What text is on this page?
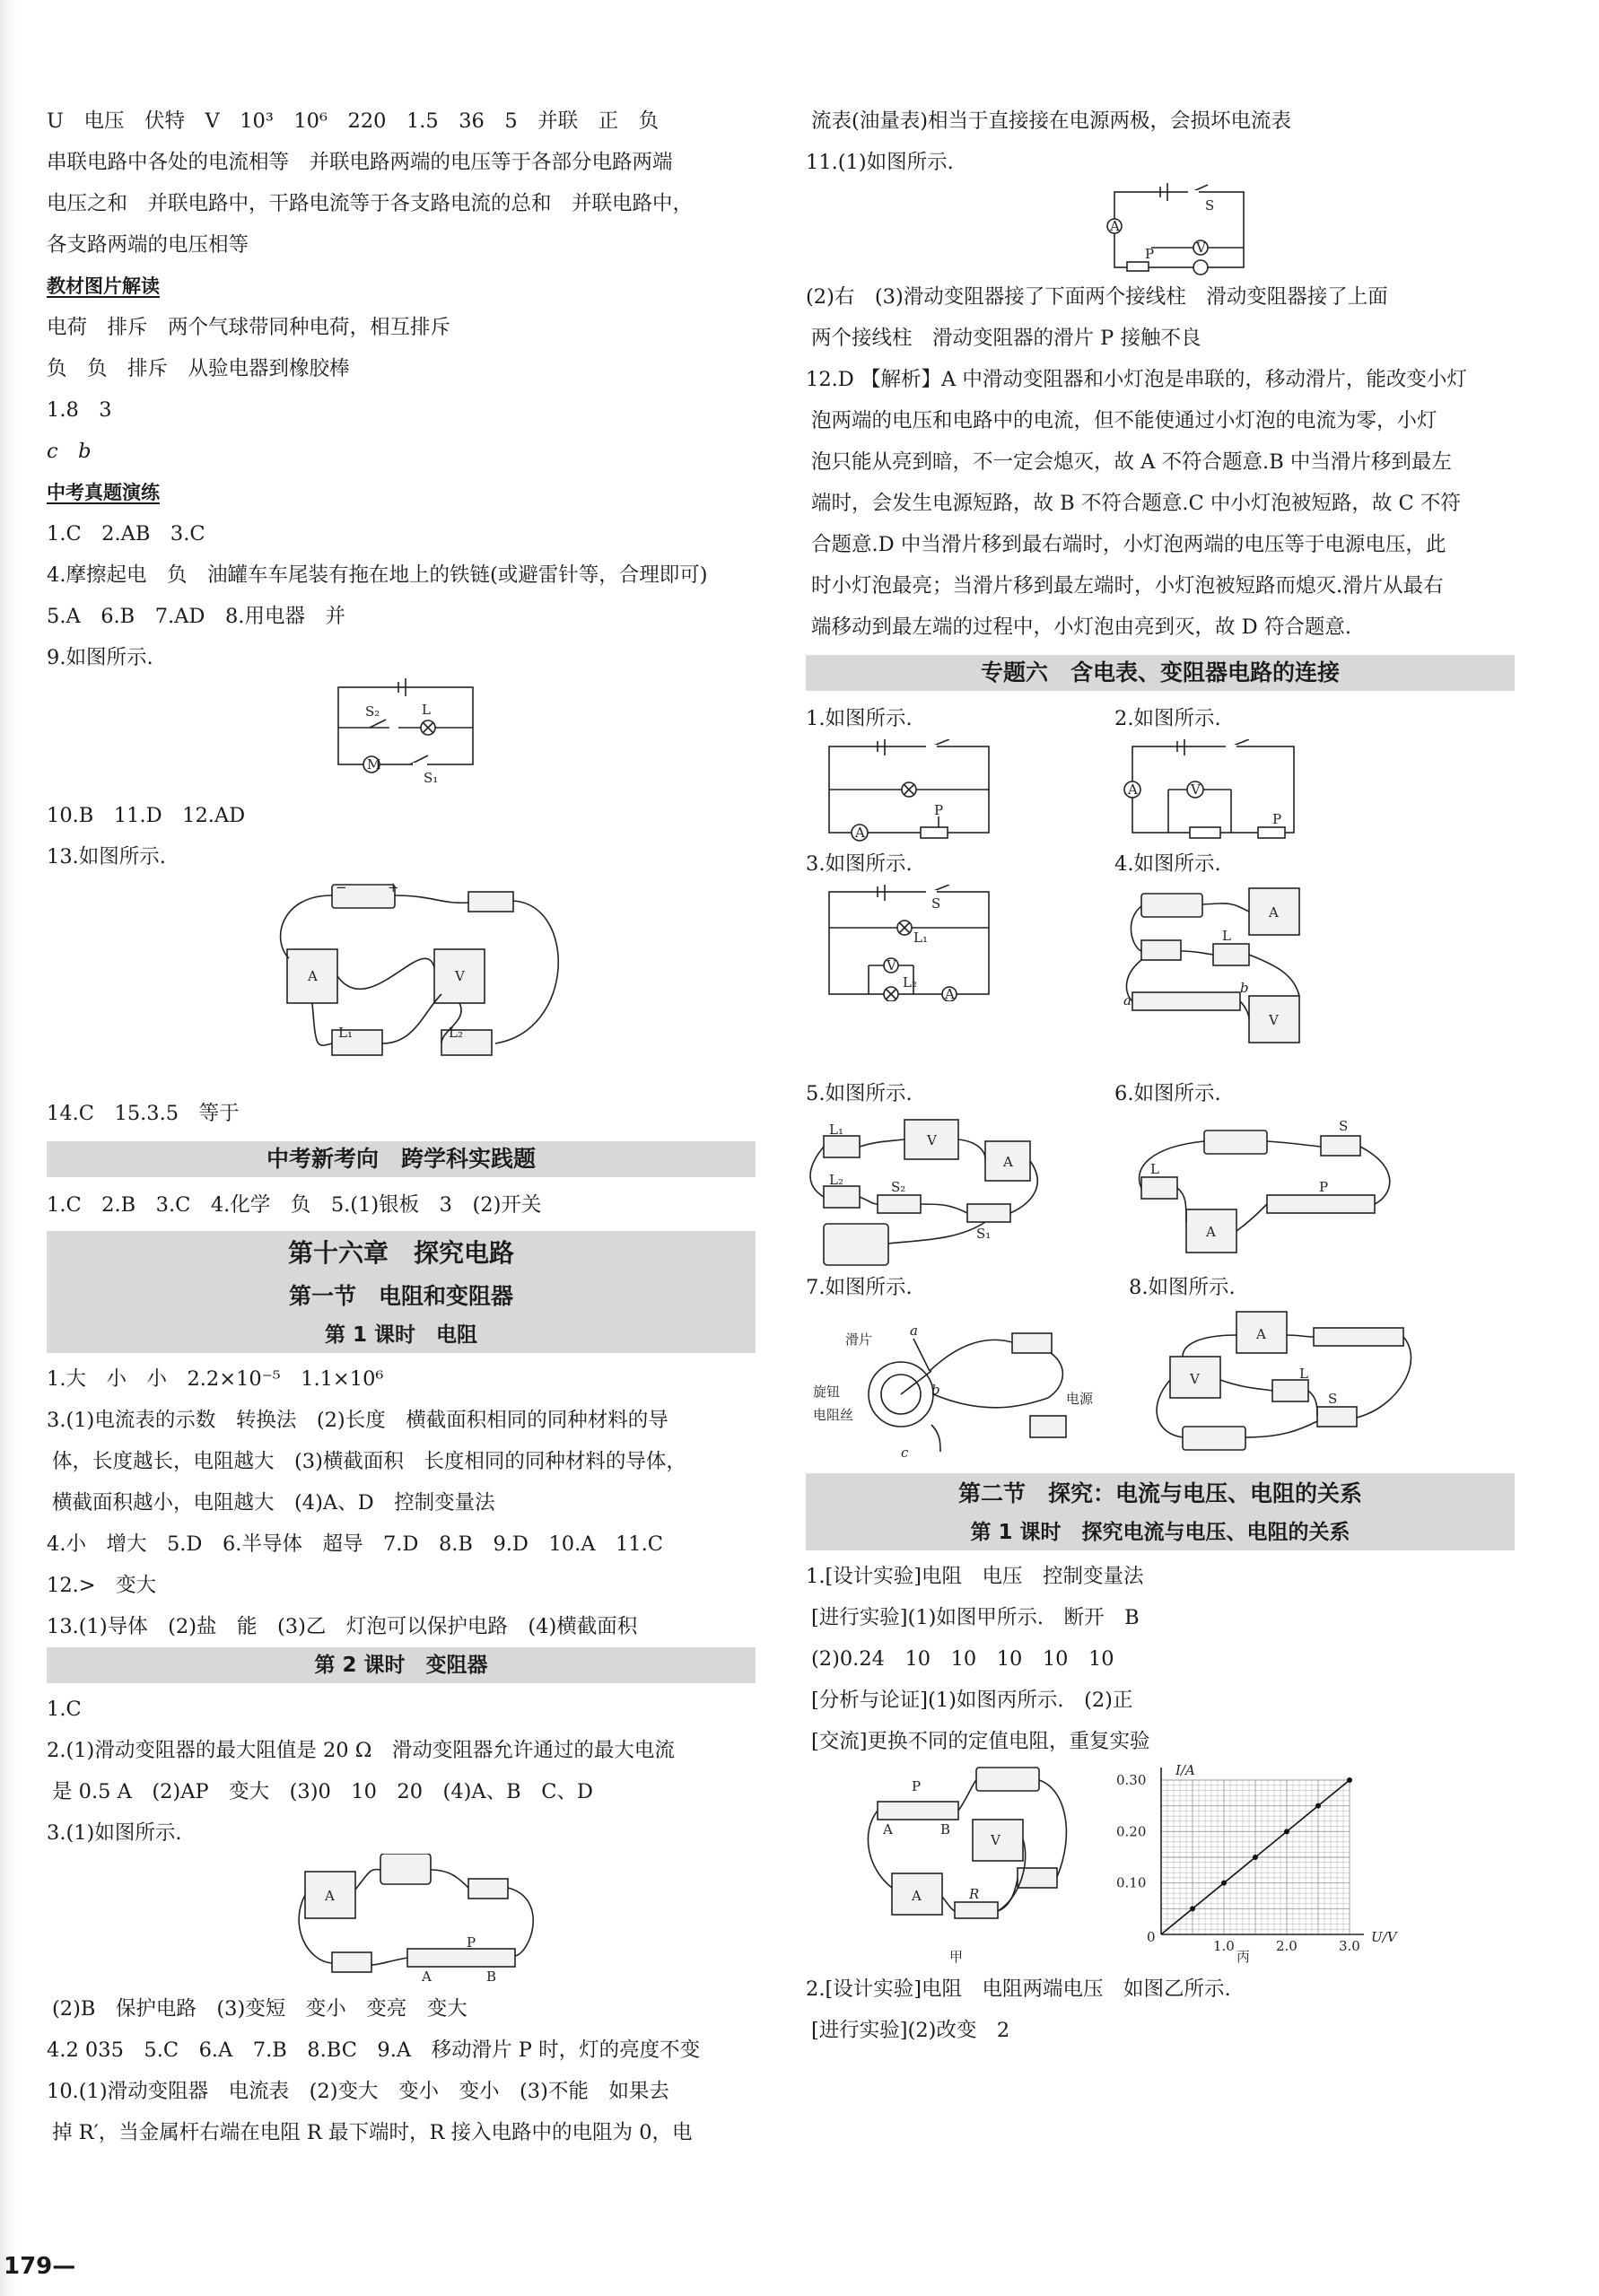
U　电压　伏特　V　10³　10⁶　220　1.5　36　5　并联　正　负
串联电路中各处的电流相等　并联电路两端的电压等于各部分电路两端
电压之和　并联电路中，干路电流等于各支路电流的总和　并联电路中，
各支路两端的电压相等
教材图片解读
电荷　排斥　两个气球带同种电荷，相互排斥
负　负　排斥　从验电器到橡胶棒
1.8　3
c　b
中考真题演练
1.C　2.AB　3.C
4.摩擦起电　负　油罐车车尾装有拖在地上的铁链(或避雷针等，合理即可)
5.A　6.B　7.AD　8.用电器　并
9.如图所示.
S₂	L
M
S₁
10.B　11.D　12.AD
13.如图所示.
A	V
L₁	L₂
−	+
14.C　15.3.5　等于
中考新考向　跨学科实践题
1.C　2.B　3.C　4.化学　负　5.(1)银板　3　(2)开关
第十六章　探究电路
第一节　电阻和变阻器
第 1 课时　电阻
1.大　小　小　2.2×10⁻⁵　1.1×10⁶
3.(1)电流表的示数　转换法　(2)长度　横截面积相同的同种材料的导
体，长度越长，电阻越大　(3)横截面积　长度相同的同种材料的导体，
横截面积越小，电阻越大　(4)A、D　控制变量法
4.小　增大　5.D　6.半导体　超导　7.D　8.B　9.D　10.A　11.C
12.>　变大
13.(1)导体　(2)盐　能　(3)乙　灯泡可以保护电路　(4)横截面积
第 2 课时　变阻器
1.C
2.(1)滑动变阻器的最大阻值是 20 Ω　滑动变阻器允许通过的最大电流
是 0.5 A　(2)AP　变大　(3)0　10　20　(4)A、B　C、D
3.(1)如图所示.
A
P
A	B
(2)B　保护电路　(3)变短　变小　变亮　变大
4.2 035　5.C　6.A　7.B　8.BC　9.A　移动滑片 P 时，灯的亮度不变
10.(1)滑动变阻器　电流表　(2)变大　变小　变小　(3)不能　如果去
掉 R′，当金属杆右端在电阻 R 最下端时，R 接入电路中的电阻为 0，电
流表(油量表)相当于直接接在电源两极，会损坏电流表
11.(1)如图所示.
A
V
S
P
(2)右　(3)滑动变阻器接了下面两个接线柱　滑动变阻器接了上面
两个接线柱　滑动变阻器的滑片 P 接触不良
12.D 【解析】A 中滑动变阻器和小灯泡是串联的，移动滑片，能改变小灯
泡两端的电压和电路中的电流，但不能使通过小灯泡的电流为零，小灯
泡只能从亮到暗，不一定会熄灭，故 A 不符合题意.B 中当滑片移到最左
端时，会发生电源短路，故 B 不符合题意.C 中小灯泡被短路，故 C 不符
合题意.D 中当滑片移到最右端时，小灯泡两端的电压等于电源电压，此
时小灯泡最亮；当滑片移到最左端时，小灯泡被短路而熄灭.滑片从最右
端移动到最左端的过程中，小灯泡由亮到灭，故 D 符合题意.
专题六　含电表、变阻器电路的连接
1.如图所示.
A
P
2.如图所示.
A	V
P
3.如图所示.
S
L₁
V
L₂
A
4.如图所示.
A
V
L
a
b
5.如图所示.
L₁
L₂
V
A
S₂
S₁
6.如图所示.
L
S
P
A
7.如图所示.
滑片
旋钮
电阻丝
电源
a
b
c
8.如图所示.
A
V	L
S
第二节　探究：电流与电压、电阻的关系
第 1 课时　探究电流与电压、电阻的关系
1.[设计实验]电阻　电压　控制变量法
[进行实验](1)如图甲所示.　断开　B
(2)0.24　10　10　10　10　10
[分析与论证](1)如图丙所示.　(2)正
[交流]更换不同的定值电阻，重复实验
A	B
P
V
A	R
甲
0.30
0.20
0.10
1.0	2.0	3.0
I/A
U/V
0
丙
2.[设计实验]电阻　电阻两端电压　如图乙所示.
[进行实验](2)改变　2
179—
